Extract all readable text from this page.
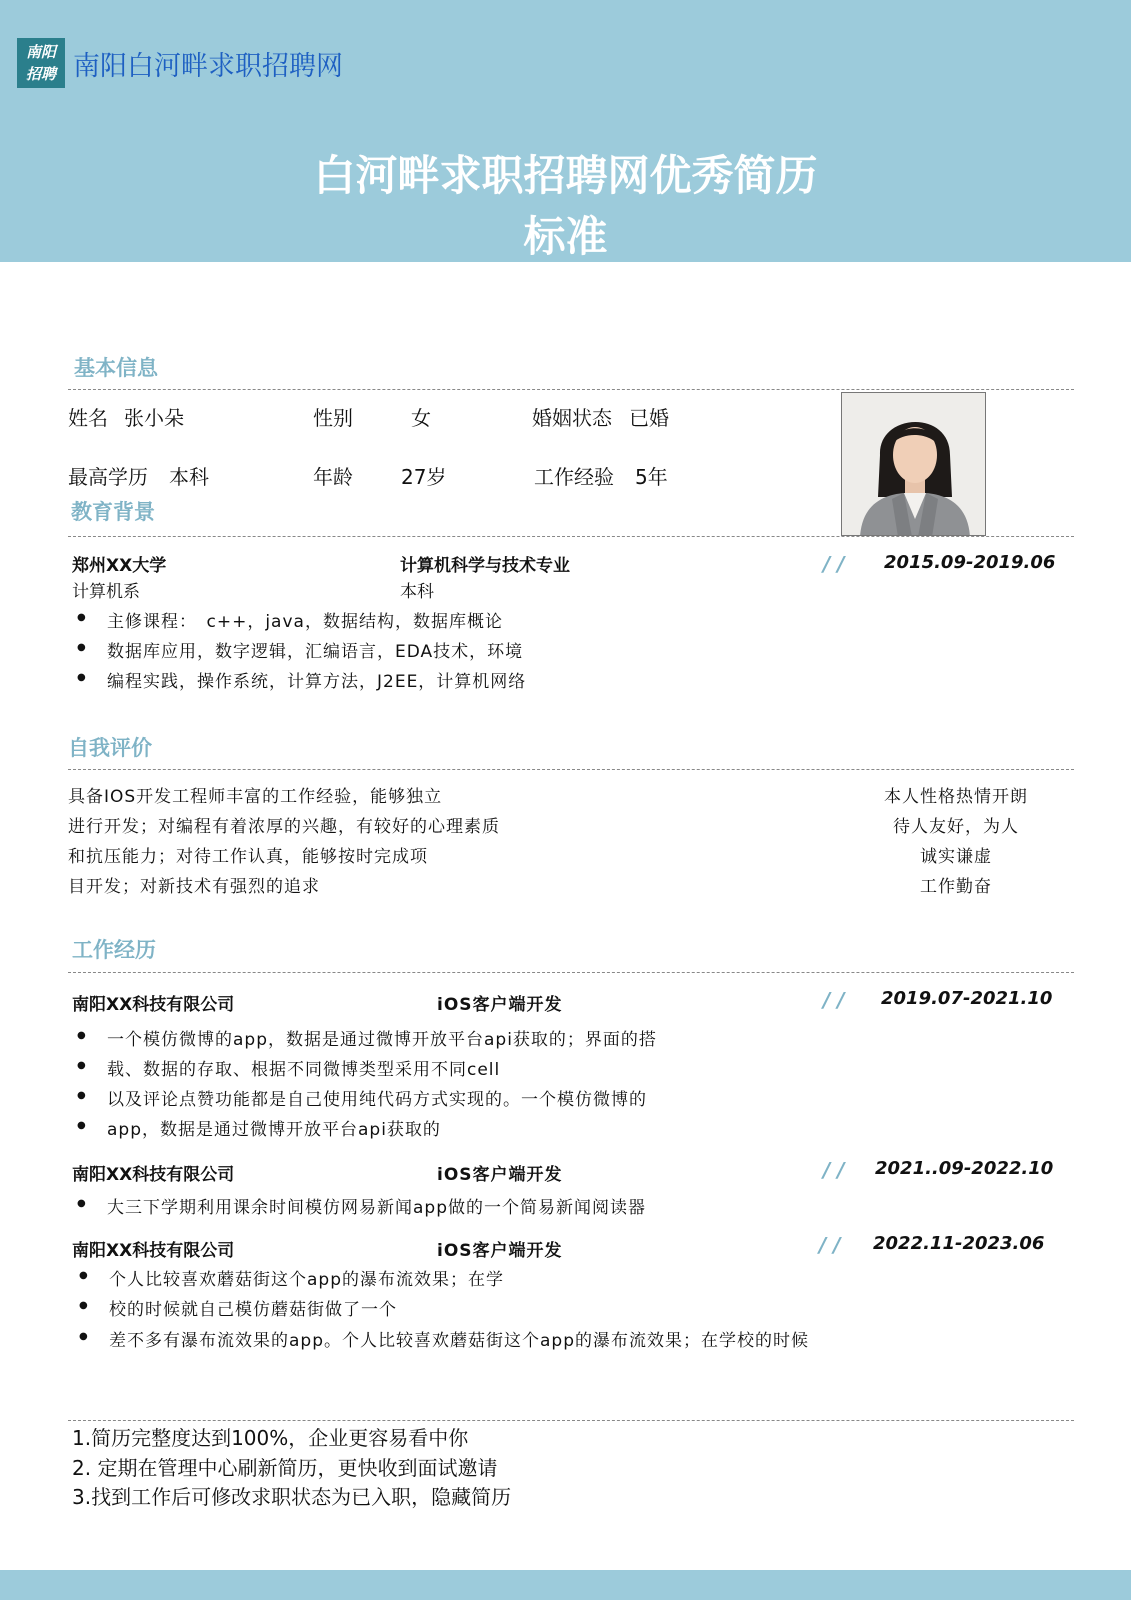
南阳
招聘 南阳白河畔求职招聘网
白河畔求职招聘网优秀简历
标准
基本信息
姓名 张小朵	性别	女	婚姻状态 已婚
最高学历 本科	年龄 27岁	工作经验 5年
教育背景
郑州XX大学	计算机科学与技术专业	/ / 2015.09-2019.06
计算机系	本科
● 主修课程：　c++，java，数据结构，数据库概论
● 数据库应用，数字逻辑，汇编语言，EDA技术，环境
● 编程实践，操作系统，计算方法，J2EE，计算机网络
自我评价
具备IOS开发工程师丰富的工作经验，能够独立
进行开发；对编程有着浓厚的兴趣，有较好的心理素质
和抗压能力；对待工作认真，能够按时完成项
目开发；对新技术有强烈的追求
本人性格热情开朗
待人友好，为人
诚实谦虚
工作勤奋
工作经历
南阳XX科技有限公司	iOS客户端开发	/ / 2019.07-2021.10
● 一个模仿微博的app，数据是通过微博开放平台api获取的；界面的搭
● 载、数据的存取、根据不同微博类型采用不同cell
● 以及评论点赞功能都是自己使用纯代码方式实现的。一个模仿微博的
● app，数据是通过微博开放平台api获取的
南阳XX科技有限公司	iOS客户端开发	/ / 2021..09-2022.10
● 大三下学期利用课余时间模仿网易新闻app做的一个简易新闻阅读器
南阳XX科技有限公司	iOS客户端开发	/ / 2022.11-2023.06
● 个人比较喜欢蘑菇街这个app的瀑布流效果；在学
● 校的时候就自己模仿蘑菇街做了一个
● 差不多有瀑布流效果的app。个人比较喜欢蘑菇街这个app的瀑布流效果；在学校的时候
1.简历完整度达到100%，企业更容易看中你
2. 定期在管理中心刷新简历，更快收到面试邀请
3.找到工作后可修改求职状态为已入职，隐藏简历
